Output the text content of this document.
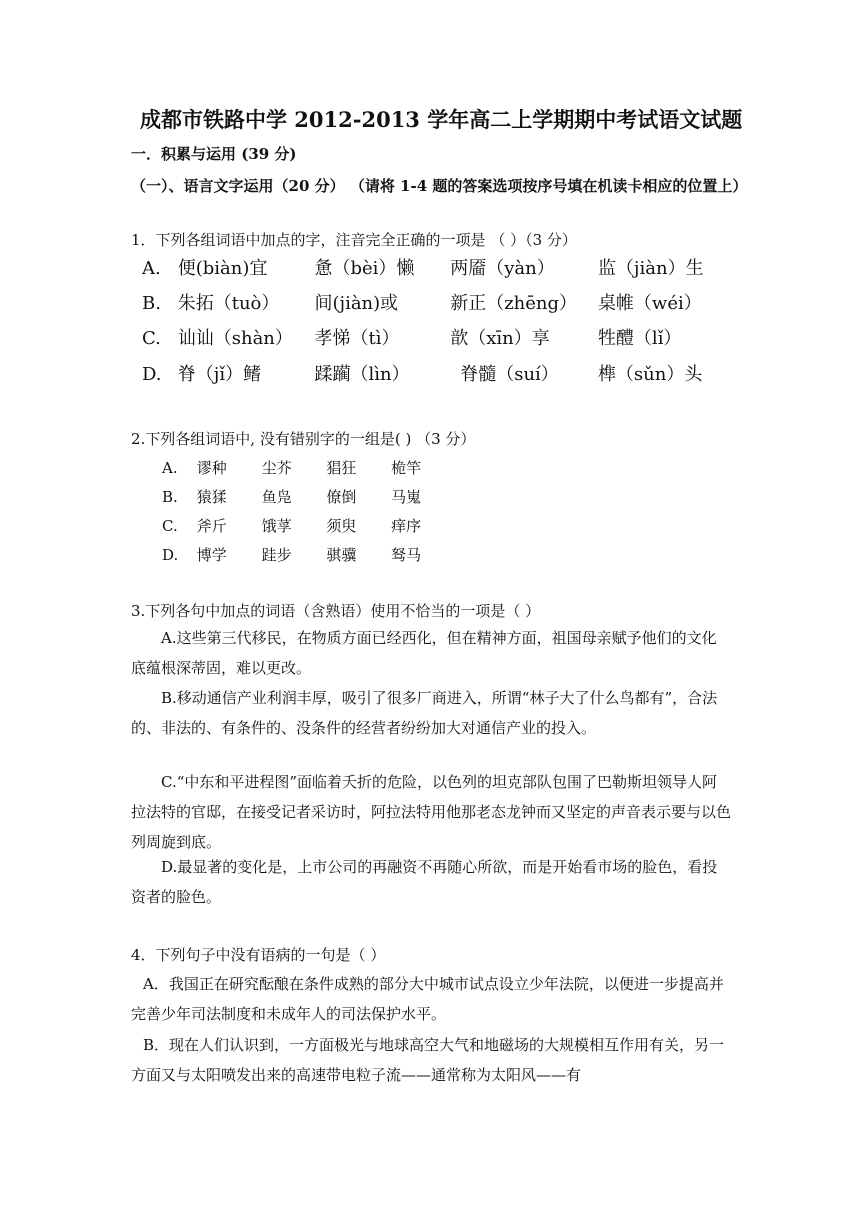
成都市铁路中学 2012-2013 学年高二上学期期中考试语文试题
一．积累与运用 (39 分)
（一）、语言文字运用（20 分） （请将 1-4 题的答案选项按序号填在机读卡相应的位置上）
1．下列各组词语中加点的字，注音完全正确的一项是 （ ）（3 分）
A. 便(biàn)宜	惫（bèi）懒 两靥（yàn） 监（jiàn）生
B. 朱拓（tuò） 间(jiàn)或	新正（zhēng） 桌帷（wéi）
C. 讪讪（shàn） 孝悌（tì）	歆（xīn）享	牲醴（lǐ）
D. 脊（jǐ）鳍	蹂躏（lìn）	脊髓（suí） 榫（sǔn）头
2.下列各组词语中, 没有错别字的一组是( ) （3 分）
A. 谬种 尘芥 猖狂 桅竿
B. 猿猱 鱼凫 僚倒 马嵬
C. 斧斤 饿莩 须臾 痒序
D. 博学 跬步 骐骥 驽马
3.下列各句中加点的词语（含熟语）使用不恰当的一项是（ ）
A.这些第三代移民，在物质方面已经西化，但在精神方面，祖国母亲赋予他们的文化底蕴根深蒂固，难以更改。
B.移动通信产业利润丰厚，吸引了很多厂商进入，所谓“林子大了什么鸟都有”，合法的、非法的、有条件的、没条件的经营者纷纷加大对通信产业的投入。
C.“中东和平进程图”面临着夭折的危险，以色列的坦克部队包围了巴勒斯坦领导人阿拉法特的官邸，在接受记者采访时，阿拉法特用他那老态龙钟而又坚定的声音表示要与以色列周旋到底。
D.最显著的变化是，上市公司的再融资不再随心所欲，而是开始看市场的脸色，看投资者的脸色。
4．下列句子中没有语病的一句是（ ）
A．我国正在研究酝酿在条件成熟的部分大中城市试点设立少年法院，以便进一步提高并完善少年司法制度和未成年人的司法保护水平。
B．现在人们认识到，一方面极光与地球高空大气和地磁场的大规模相互作用有关，另一方面又与太阳喷发出来的高速带电粒子流——通常称为太阳风——有
